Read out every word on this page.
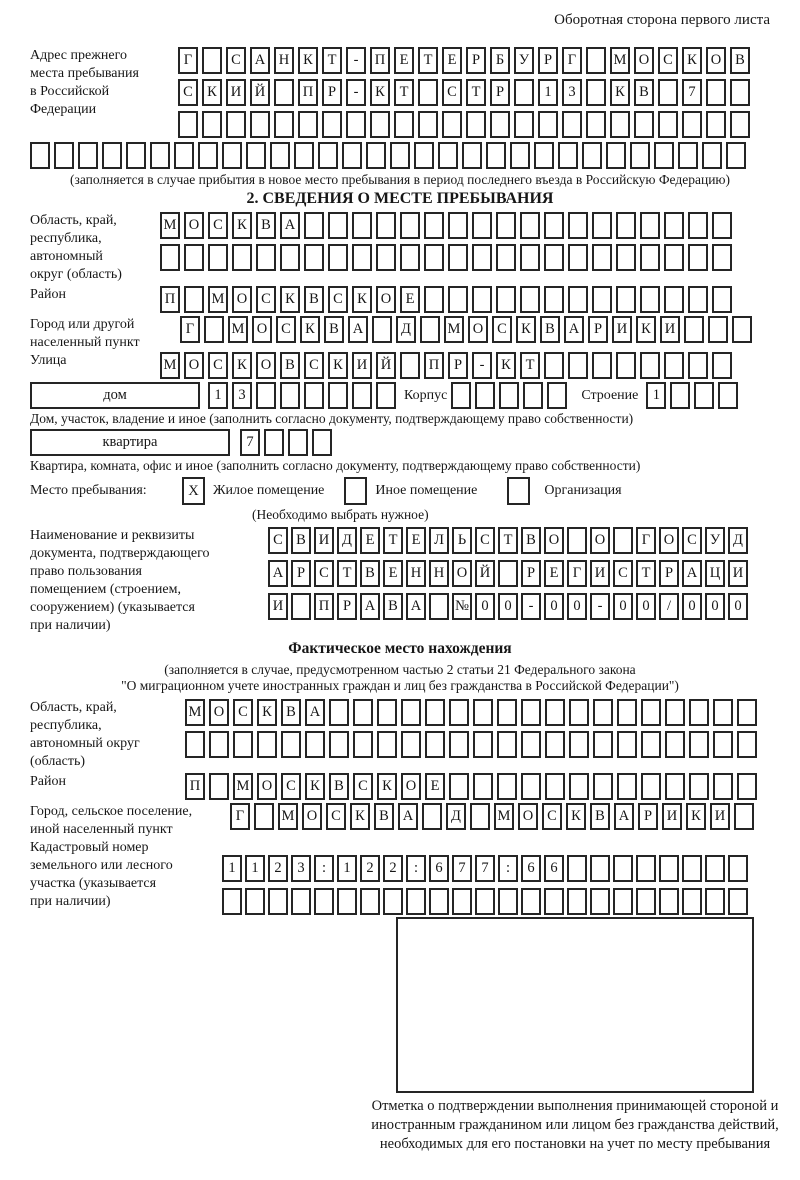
Оборотная сторона первого листа
Адрес прежнего
места пребывания
в Российской
Федерации
Г	С А Н К	Т	-	П Е	Т	Е	Р	Б	У	Р	Г	М О С К О В
С К И Й	П	Р	-	К	Т	С	Т	Р	1	3	К В	7
(заполняется в случае прибытия в новое место пребывания в период последнего въезда в Российскую Федерацию)
2. СВЕДЕНИЯ О МЕСТЕ ПРЕБЫВАНИЯ
Область, край,
республика,
автономный
округ (область)
М О С К В А
Район	П	М О С К В С К О Е
Город или другой
населенный пункт
Г	М О С К В А	Д	М О С К В А	Р	И К И
Улица	М О С К О В С К И Й	П	Р	-	К	Т
дом	1	3	Корпус	Строение 1
Дом, участок, владение и иное (заполнить согласно документу, подтверждающему право собственности)
квартира	7
Квартира, комната, офис и иное (заполнить согласно документу, подтверждающему право собственности)
Место пребывания:	X	Жилое помещение	Иное помещение	Организация
(Необходимо выбрать нужное)
Наименование и реквизиты
документа, подтверждающего
право пользования
помещением (строением,
сооружением) (указывается
при наличии)
С В И Д Е Т Е Л Ь С Т В О	О	Г О С У Д
А Р С Т В Е Н Н О Й	Р	Е Г И С Т	Р А Ц И
И	П Р А В А	№ 0	0	-	0	0	-	0	0	/	0	0	0
Фактическое место нахождения
(заполняется в случае, предусмотренном частью 2 статьи 21 Федерального закона
"О миграционном учете иностранных граждан и лиц без гражданства в Российской Федерации")
Область, край,
республика,
автономный округ
(область)
М О С К В А
Район	П	М О С К В С К О Е
Город, сельское поселение,
иной населенный пункт
Г	М О С К В А	Д	М О С К В А	Р	И К И
Кадастровый номер
земельного или лесного
участка (указывается
при наличии)
1	1	2	3	:	1	2	2	:	6	7	7	:	6	6
Отметка о подтверждении выполнения принимающей стороной и иностранным гражданином или лицом без гражданства действий, необходимых для его постановки на учет по месту пребывания
